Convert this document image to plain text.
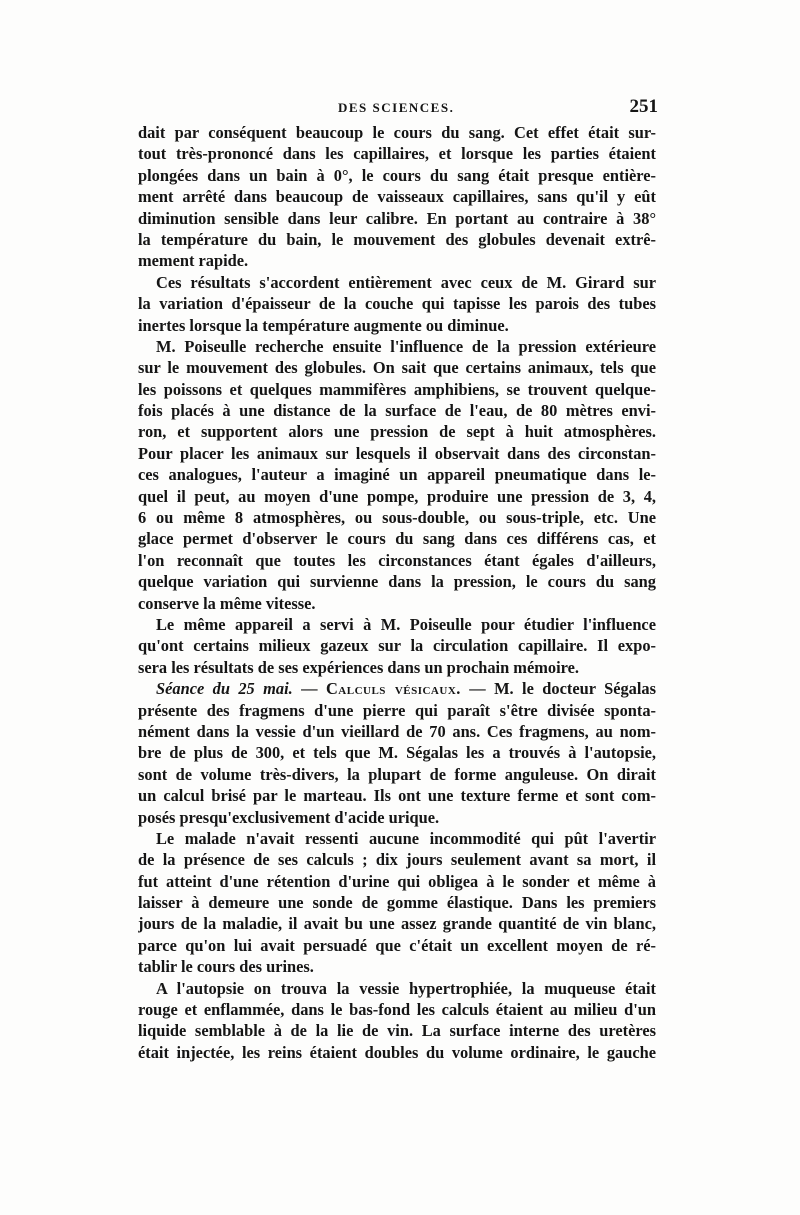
DES SCIENCES.	251
dait par conséquent beaucoup le cours du sang. Cet effet était sur-
tout très-prononcé dans les capillaires, et lorsque les parties étaient
plongées dans un bain à 0°, le cours du sang était presque entière-
ment arrêté dans beaucoup de vaisseaux capillaires, sans qu'il y eût
diminution sensible dans leur calibre. En portant au contraire à 38°
la température du bain, le mouvement des globules devenait extrê-
mement rapide.
Ces résultats s'accordent entièrement avec ceux de M. Girard sur
la variation d'épaisseur de la couche qui tapisse les parois des tubes
inertes lorsque la température augmente ou diminue.
M. Poiseulle recherche ensuite l'influence de la pression extérieure
sur le mouvement des globules. On sait que certains animaux, tels que
les poissons et quelques mammifères amphibiens, se trouvent quelque-
fois placés à une distance de la surface de l'eau, de 80 mètres envi-
ron, et supportent alors une pression de sept à huit atmosphères.
Pour placer les animaux sur lesquels il observait dans des circonstan-
ces analogues, l'auteur a imaginé un appareil pneumatique dans le-
quel il peut, au moyen d'une pompe, produire une pression de 3, 4,
6 ou même 8 atmosphères, ou sous-double, ou sous-triple, etc. Une
glace permet d'observer le cours du sang dans ces différens cas, et
l'on reconnaît que toutes les circonstances étant égales d'ailleurs,
quelque variation qui survienne dans la pression, le cours du sang
conserve la même vitesse.
Le même appareil a servi à M. Poiseulle pour étudier l'influence
qu'ont certains milieux gazeux sur la circulation capillaire. Il expo-
sera les résultats de ses expériences dans un prochain mémoire.
Séance du 25 mai. — Calculs vésicaux. — M. le docteur Ségalas
présente des fragmens d'une pierre qui paraît s'être divisée sponta-
nément dans la vessie d'un vieillard de 70 ans. Ces fragmens, au nom-
bre de plus de 300, et tels que M. Ségalas les a trouvés à l'autopsie,
sont de volume très-divers, la plupart de forme anguleuse. On dirait
un calcul brisé par le marteau. Ils ont une texture ferme et sont com-
posés presqu'exclusivement d'acide urique.
Le malade n'avait ressenti aucune incommodité qui pût l'avertir
de la présence de ses calculs ; dix jours seulement avant sa mort, il
fut atteint d'une rétention d'urine qui obligea à le sonder et même à
laisser à demeure une sonde de gomme élastique. Dans les premiers
jours de la maladie, il avait bu une assez grande quantité de vin blanc,
parce qu'on lui avait persuadé que c'était un excellent moyen de ré-
tablir le cours des urines.
A l'autopsie on trouva la vessie hypertrophiée, la muqueuse était
rouge et enflammée, dans le bas-fond les calculs étaient au milieu d'un
liquide semblable à de la lie de vin. La surface interne des uretères
était injectée, les reins étaient doubles du volume ordinaire, le gauche
